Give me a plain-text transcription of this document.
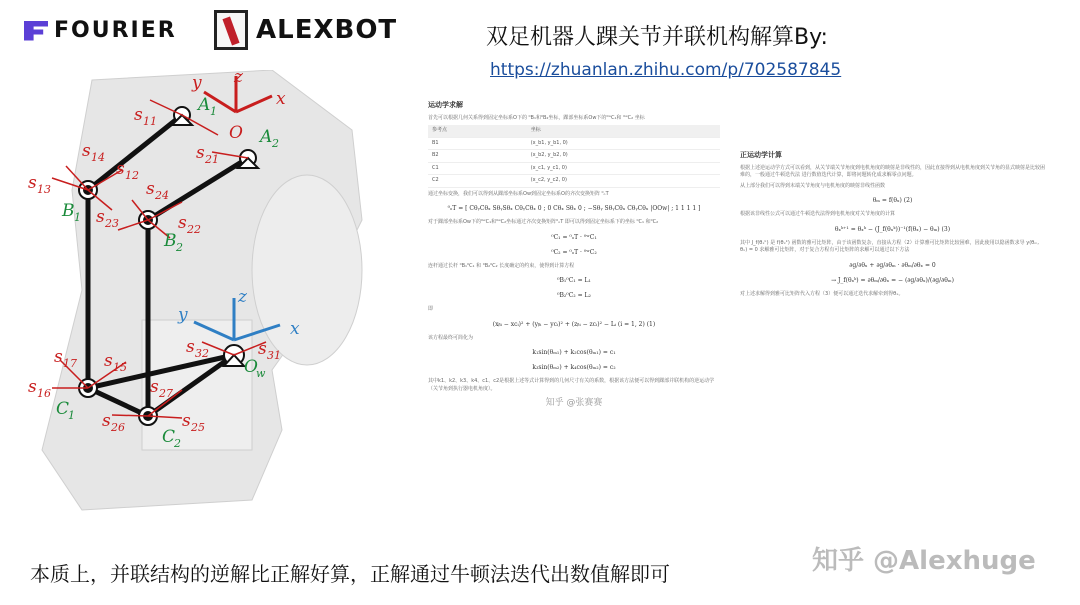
FOURIER	ALEXBOT	双足机器人踝关节并联机构解算By:
https://zhuanlan.zhihu.com/p/702587845
y z
x
O
A 1
A 2
s 11
s 14
s 12
s 13
s 21
s 24
s 23	s 22
B 1
B 2
y
z
x
O
w
s 17 s 15
s 16
s 32	s 31
s 27
s 26	s 25
C
1
C
2
运动学求解
首先可以根据几何关系得到固定坐标系O下的 ⁰B₁和⁰B₂坐标，踝部坐标系Ow下的⁰ʷC₁和 ⁰ʷC₂ 坐标
参考点	坐标
B1	(x_b1, y_b1, 0)
B2	(x_b2, y_b2, 0)
C1	(x_c1, y_c1, 0)
C2	(x_c2, y_c2, 0)
通过坐标变换，我们可以得到从踝部坐标系Ow到固定坐标系O的齐次变换矩阵 ⁰ₒT
⁰ₒT = [ CθᵧCθₓ SθᵧSθₓ CθᵧCθₓ 0 ; 0 Cθₓ Sθₓ 0 ; −Sθᵧ SθᵧCθₓ CθᵧCθₓ |OOw| ; 1 1 1 1 ]
对于踝部坐标系Ow下的⁰ʷC₁和⁰ʷC₂坐标通过齐次变换矩阵⁰ₒT 即可以得到固定坐标系下的坐标 ⁰C₁ 和⁰C₂
⁰C₁ = ⁰ₒT · ⁰ʷC₁
⁰C₂ = ⁰ₒT · ⁰ʷC₂
连杆通过长杆 ⁰B₁⁰C₁ 和 ⁰B₂⁰C₂ 长度确定的约束，使得到计算方程
⁰B₁⁰C₁ = L₁
⁰B₂⁰C₂ = L₂
即
(xᵦᵢ − xcᵢ)² + (yᵦᵢ − ycᵢ)² + (zᵦᵢ − zcᵢ)² − Lᵢ (i = 1, 2) (1)
该方程最终可简化为
k₁sin(θₘ₁) + k₂cos(θₘ₁) = c₁
k₃sin(θₘ₂) + k₄cos(θₘ₂) = c₂
其中k1、k2、k3、k4、c1、c2是根据上述等式计算得到的几何尺寸有关的系数，根据该方法便可以得到踝部并联机构的逆运动学（关节角到执行器电机角度）。
知乎 @张赛赛
正运动学计算
根据上述逆运动学方式可以看到，从关节端关节角度到电机角度的映射是非线性的，因此直接得到从电机角度到关节角的显式映射是比较困难的，一般通过牛顿迭代法 进行数值迭代计算，即将问题转化成求解零点问题。
从上部分我们可以得到末端关节角度与电机角度的映射非线性函数
θₘ = f(θₓ) (2)
根据该非线性公式可以通过牛顿迭代法得到电机角度对关节角度的计算
θₓᵏ⁺¹ = θₓᵏ − (J_f(θₓᵏ))⁻¹(f(θₓ) − θₘ) (3)
其中 J_f(θₓᵏ) 是 f(θₓᵏ) 函数的雅可比矩阵，由于该函数复杂，直接从方程（2）计算雅可比矩阵比较困难，因此使用以隐函数求导 y(θₘ, θₓ) = 0 求解雅可比矩阵，对于复合方程有可比矩阵的求解可以通过以下方法
∂g/∂θₓ + ∂g/∂θₘ · ∂θₘ/∂θₓ = 0
→ J_f(θₓᵏ) = ∂θₘ/∂θₓ = − (∂g/∂θₓ)/(∂g/∂θₘ)
对上述求解得到雅可比矩阵代入方程（3）便可以通过迭代求解牵到得θₓ。
本质上，并联结构的逆解比正解好算，正解通过牛顿法迭代出数值解即可	知乎 @Alexhuge
